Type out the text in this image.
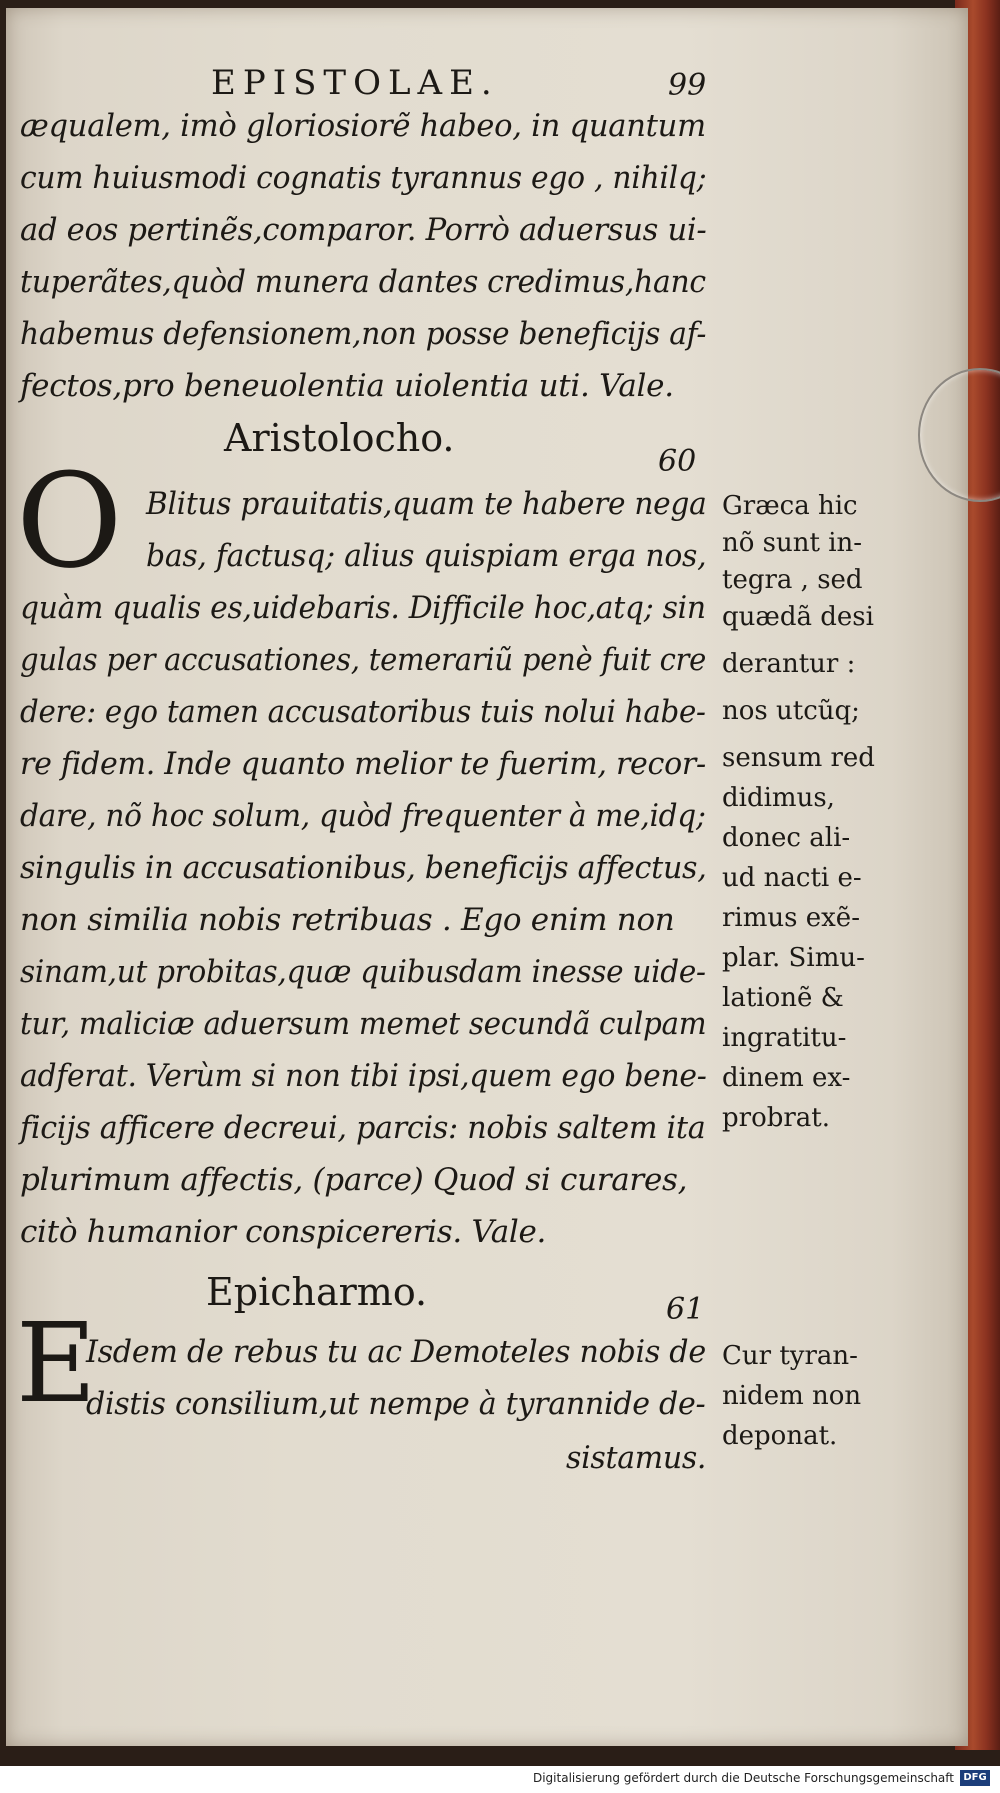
EPISTOLAE.	99
æqualem, imò gloriosiorẽ habeo, in quantum
cum huiusmodi cognatis tyrannus ego , nihilq;
ad eos pertinẽs,comparor. Porrò aduersus ui-
tuperãtes,quòd munera dantes credimus,hanc
habemus defensionem,non posse beneficijs af-
fectos,pro beneuolentia uiolentia uti. Vale.
Aristolocho.
60
O Blitus prauitatis,quam te habere nega
bas, factusq; alius quispiam erga nos,
quàm qualis es,uidebaris. Difficile hoc,atq; sin
gulas per accusationes, temerariũ penè fuit cre
dere: ego tamen accusatoribus tuis nolui habe-
re fidem. Inde quanto melior te fuerim, recor-
dare, nõ hoc solum, quòd frequenter à me,idq;
singulis in accusationibus, beneficijs affectus,
non similia nobis retribuas . Ego enim non
sinam,ut probitas,quæ quibusdam inesse uide-
tur, maliciæ aduersum memet secundã culpam
adferat. Verùm si non tibi ipsi,quem ego bene-
ficijs afficere decreui, parcis: nobis saltem ita
plurimum affectis, (parce) Quod si curares,
citò humanior conspicereris. Vale.
Græca hic
nõ sunt in-
tegra , sed
quædã desi
derantur :
nos utcũq;
sensum red
didimus,
donec ali-
ud nacti e-
rimus exẽ-
plar. Simu-
lationẽ &
ingratitu-
dinem ex-
probrat.
Epicharmo.	61
E
Isdem de rebus tu ac Demoteles nobis de
distis consilium,ut nempe à tyrannide de-
sistamus.
Cur tyran-
nidem non
deponat.
Digitalisierung gefördert durch die Deutsche Forschungsgemeinschaft DFG
